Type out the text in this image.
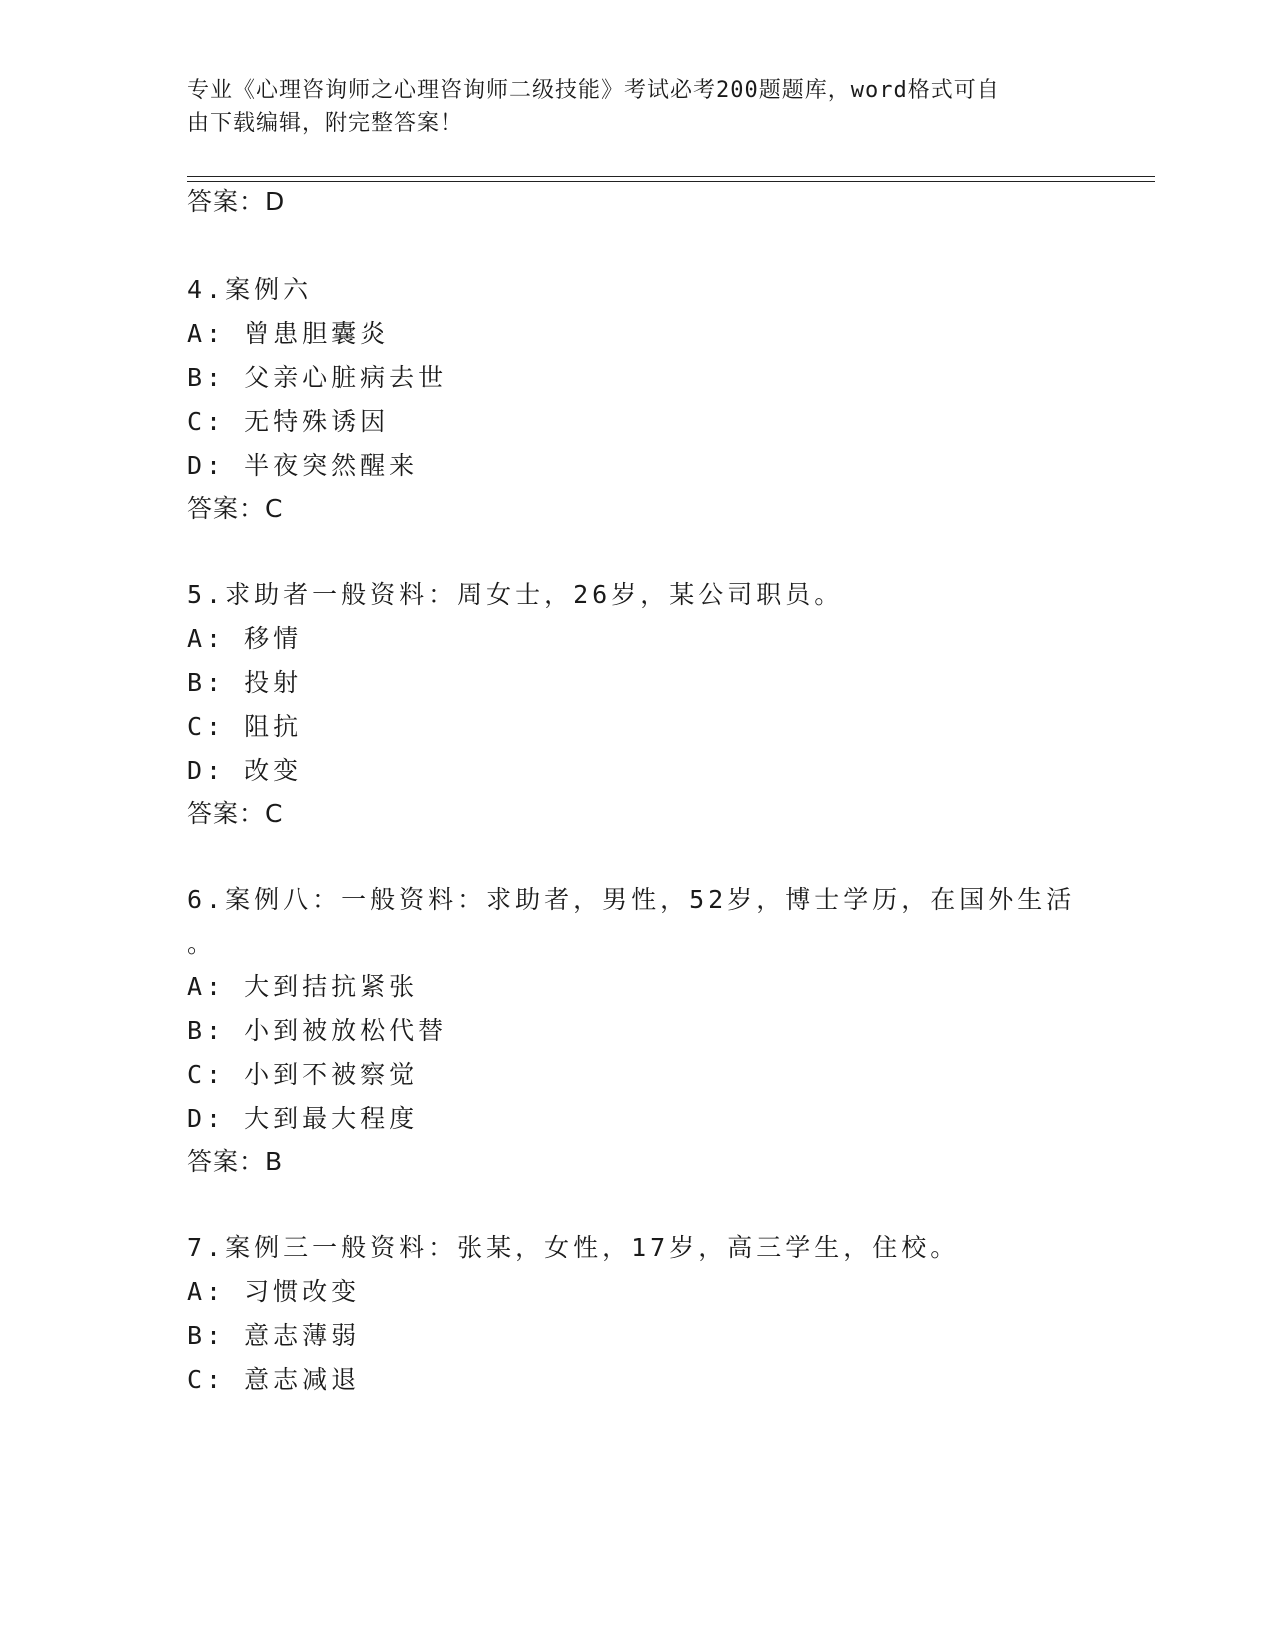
专业《心理咨询师之心理咨询师二级技能》考试必考200题题库，word格式可自
由下载编辑，附完整答案！
答案：D
4.案例六
A: 曾患胆囊炎
B: 父亲心脏病去世
C: 无特殊诱因
D: 半夜突然醒来
答案：C
5.求助者一般资料：周女士，26岁，某公司职员。
A: 移情
B: 投射
C: 阻抗
D: 改变
答案：C
6.案例八：一般资料：求助者，男性，52岁，博士学历，在国外生活
。
A: 大到拮抗紧张
B: 小到被放松代替
C: 小到不被察觉
D: 大到最大程度
答案：B
7.案例三一般资料：张某，女性，17岁，高三学生，住校。
A: 习惯改变
B: 意志薄弱
C: 意志减退
